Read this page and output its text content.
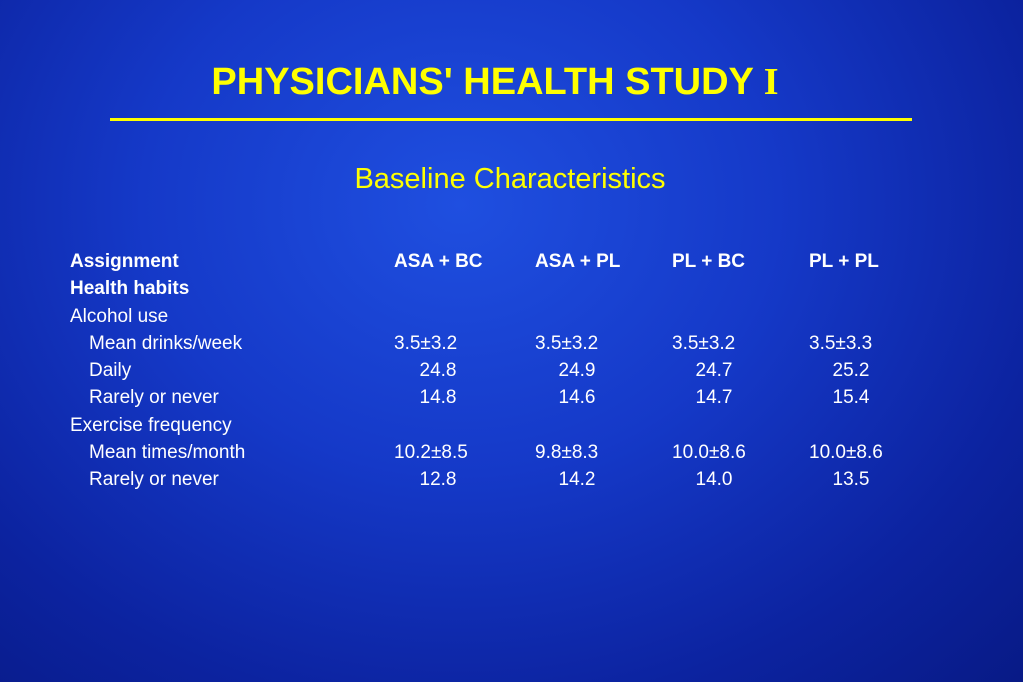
PHYSICIANS' HEALTH STUDY I
Baseline Characteristics
Assignment	ASA + BC	ASA + PL	PL + BC	PL + PL
Health habits
Alcohol use
Mean drinks/week	3.5±3.2	3.5±3.2	3.5±3.2	3.5±3.3
Daily	24.8	24.9	24.7	25.2
Rarely or never	14.8	14.6	14.7	15.4
Exercise frequency
Mean times/month	10.2±8.5	9.8±8.3	10.0±8.6	10.0±8.6
Rarely or never	12.8	14.2	14.0	13.5
